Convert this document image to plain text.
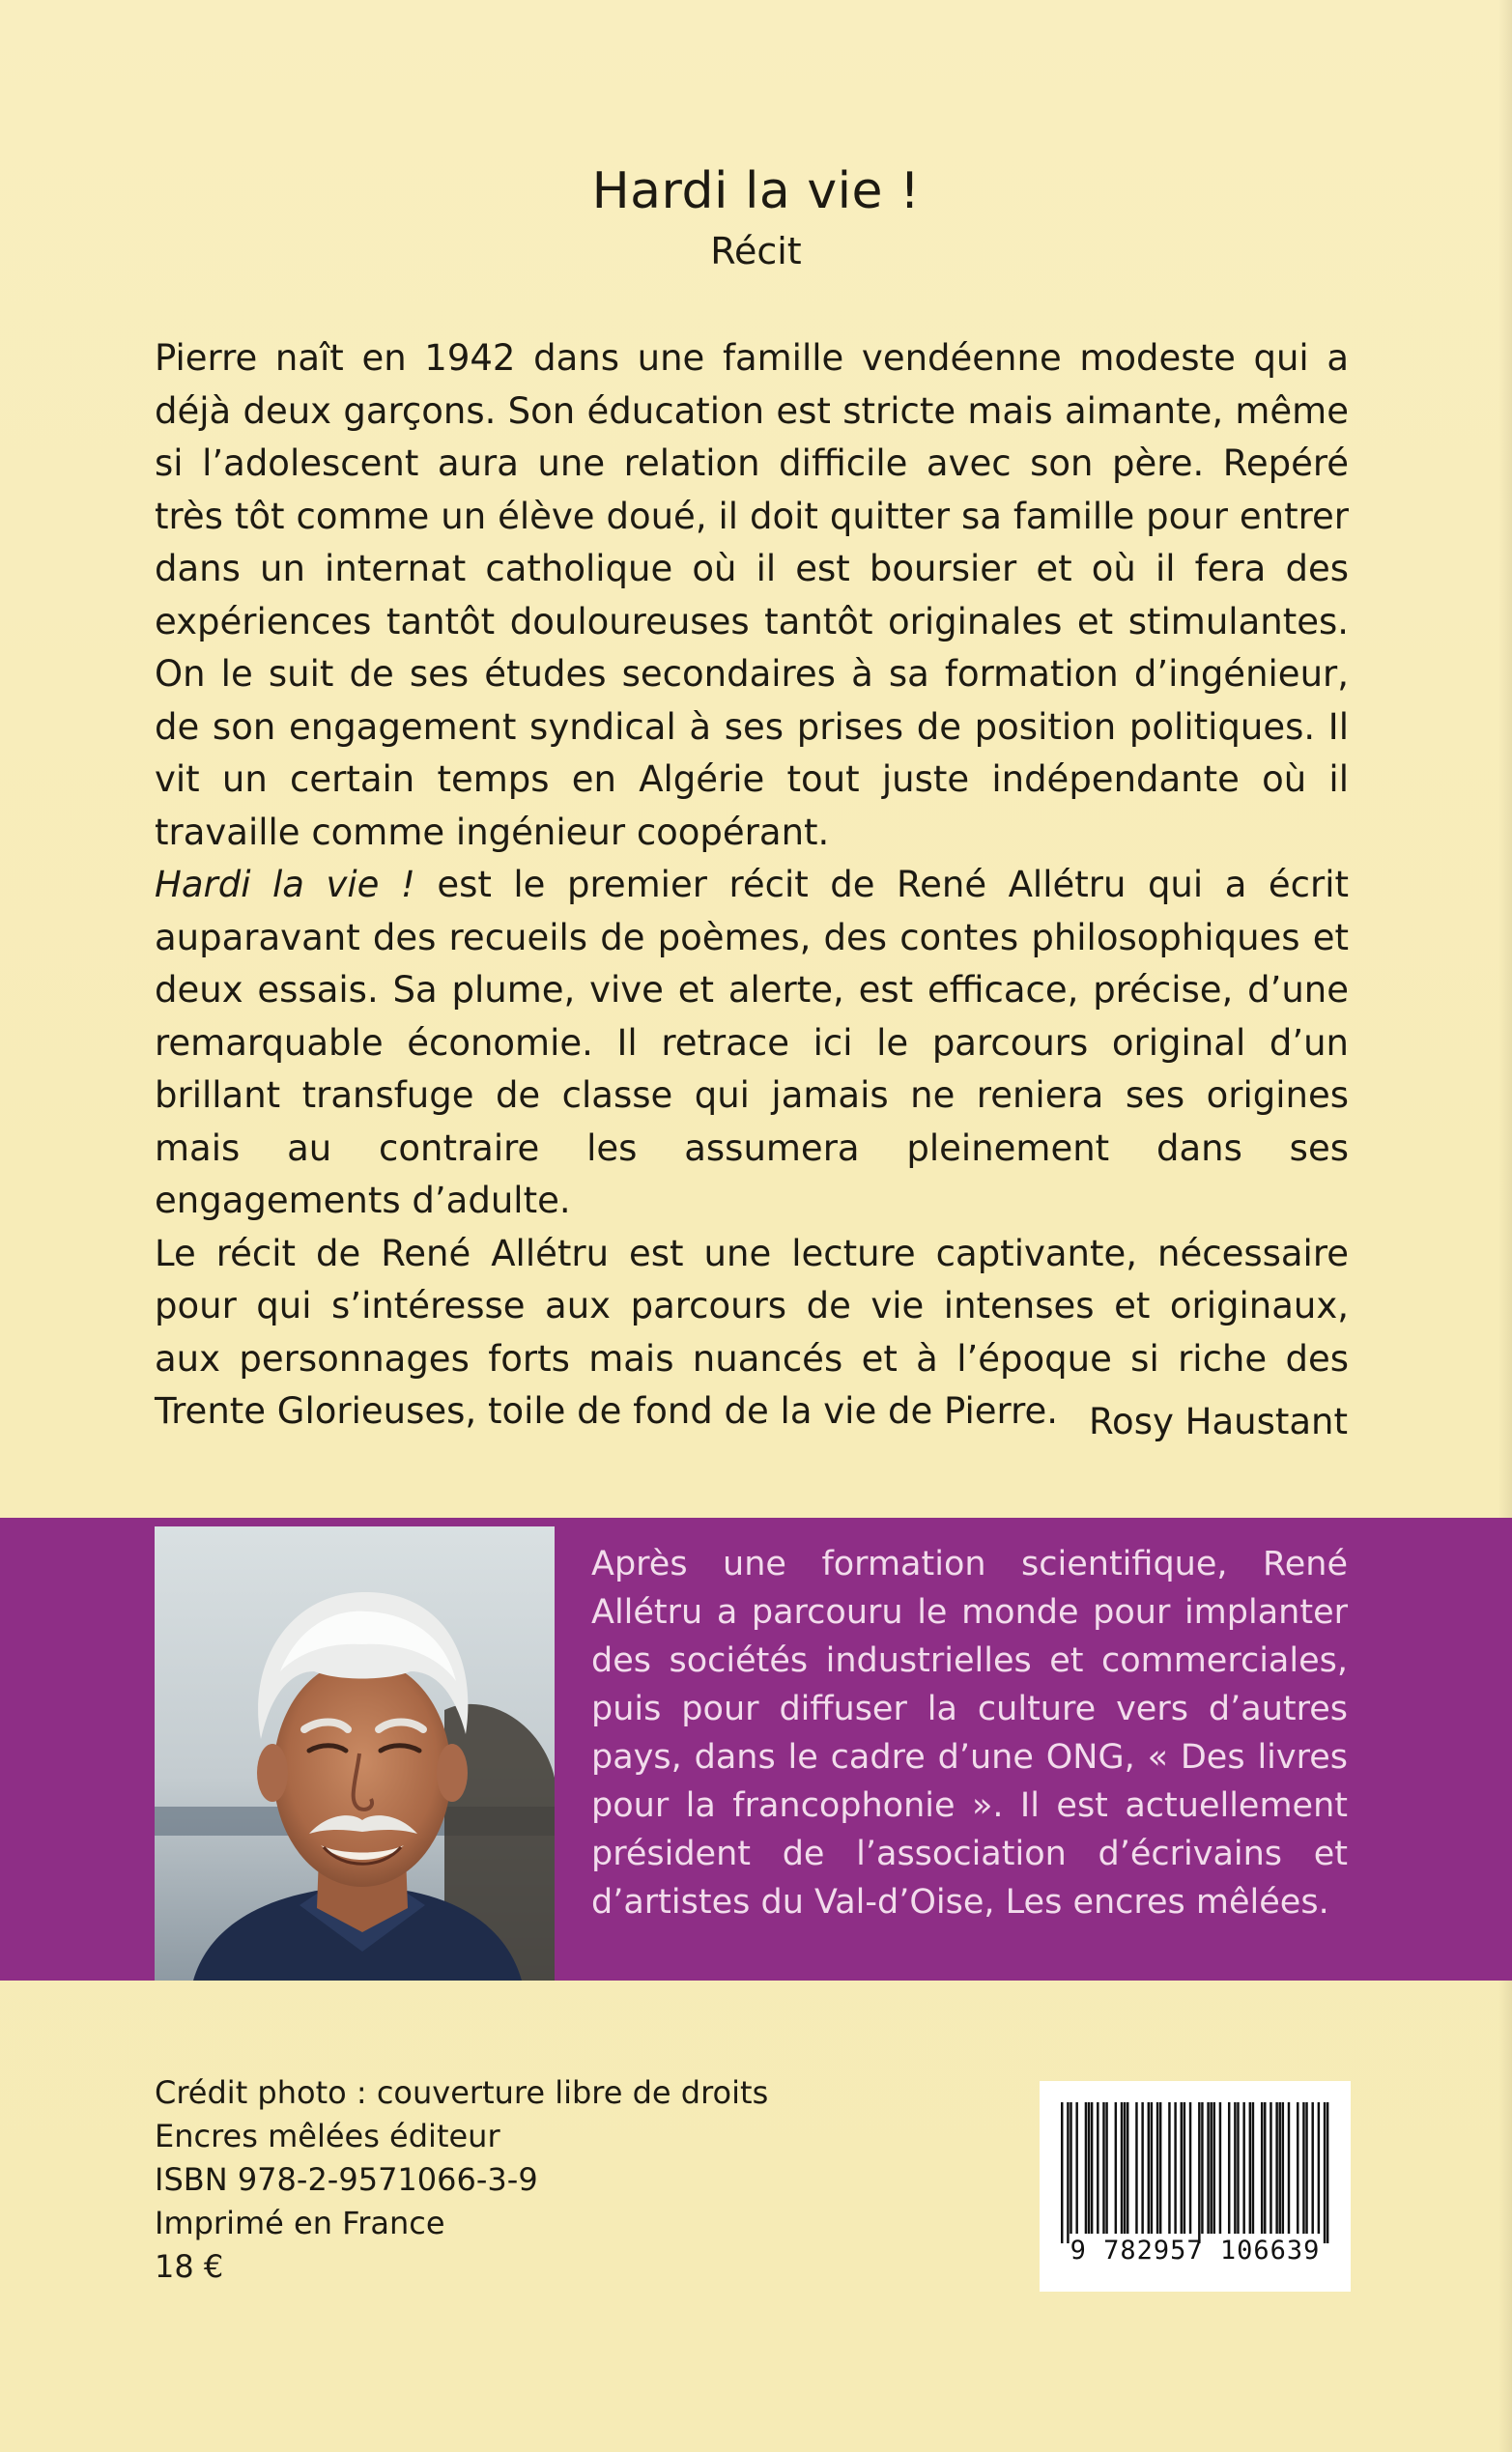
Hardi la vie !
Récit

Pierre naît en 1942 dans une famille vendéenne modeste qui a déjà deux garçons. Son éducation est stricte mais aimante, même si l’adolescent aura une relation difficile avec son père. Repéré très tôt comme un élève doué, il doit quitter sa famille pour entrer dans un internat catholique où il est boursier et où il fera des expériences tantôt douloureuses tantôt originales et stimulantes. On le suit de ses études secondaires à sa formation d’ingénieur, de son engagement syndical à ses prises de position politiques. Il vit un certain temps en Algérie tout juste indépendante où il travaille comme ingénieur coopérant.

Hardi la vie ! est le premier récit de René Allétru qui a écrit auparavant des recueils de poèmes, des contes philosophiques et deux essais. Sa plume, vive et alerte, est efficace, précise, d’une remarquable économie. Il retrace ici le parcours original d’un brillant transfuge de classe qui jamais ne reniera ses origines mais au contraire les assumera pleinement dans ses engagements d’adulte.

Le récit de René Allétru est une lecture captivante, nécessaire pour qui s’intéresse aux parcours de vie intenses et originaux, aux personnages forts mais nuancés et à l’époque si riche des Trente Glorieuses, toile de fond de la vie de Pierre. Rosy Haustant
Après une formation scientifique, René Allétru a parcouru le monde pour implanter des sociétés industrielles et commerciales, puis pour diffuser la culture vers d’autres pays, dans le cadre d’une ONG, « Des livres pour la francophonie ». Il est actuellement président de l’association d’écrivains et d’artistes du Val-d’Oise, Les encres mêlées.
Crédit photo : couverture libre de droits
Encres mêlées éditeur
ISBN 978-2-9571066-3-9
Imprimé en France
18 €	9 782957 106639
